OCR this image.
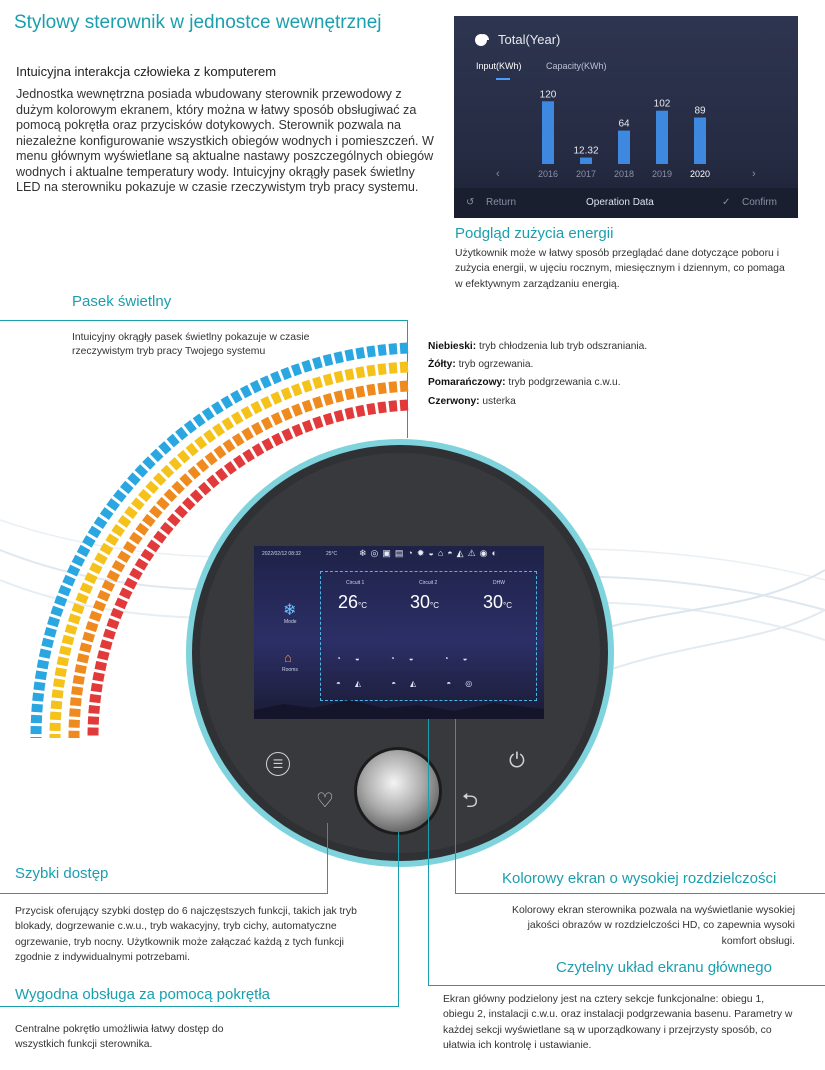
Stylowy sterownik w jednostce wewnętrznej
Intuicyjna interakcja człowieka z komputerem
Jednostka wewnętrzna posiada wbudowany sterownik przewodowy z dużym kolorowym ekranem, który można w łatwy sposób obsługiwać za pomocą pokrętła oraz przycisków dotykowych. Sterownik pozwala na niezależne konfigurowanie wszystkich obiegów wodnych i pomieszczeń. W menu głównym wyświetlane są aktualne nastawy poszczególnych obiegów wodnych i aktualne temperatury wody. Intuicyjny okrągły pasek świetlny LED na sterowniku pokazuje w czasie rzeczywistym tryb pracy systemu.
Total(Year)
Input(KWh)	Capacity(KWh)
‹	›
120
2016
12.32
2017
64
2018
102
2019
89
2020
↺ Return	Operation Data	✓ Confirm
Podgląd zużycia energii
Użytkownik może w łatwy sposób przeglądać dane dotyczące poboru i zużycia energii, w ujęciu rocznym, miesięcznym i dziennym, co pomaga w efektywnym zarządzaniu energią.
Pasek świetlny
Intuicyjny okrągły pasek świetlny pokazuje w czasie rzeczywistym tryb pracy Twojego systemu	Niebieski: tryb chłodzenia lub tryb odszraniania.
Żółty: tryb ogrzewania.
Pomarańczowy: tryb podgrzewania c.w.u.
Czerwony: usterka
2022/02/12 08:32	25°C ❄◎▣▤◔✹◒⌂◓◭⚠◉◐
❄
Mode
⌂
Rooms
Circuit 1
26°C
Circuit 2
30°C
DHW
30°C
◔◒ ◔◒ ◔◒
◓◭ ◓◭ ◓◎
☰
♡
⏻
⮌
Szybki dostęp
Przycisk oferujący szybki dostęp do 6 najczęstszych funkcji, takich jak tryb blokady, dogrzewanie c.w.u., tryb wakacyjny, tryb cichy, automatyczne ogrzewanie, tryb nocny. Użytkownik może załączać każdą z tych funkcji zgodnie z indywidualnymi potrzebami.
Wygodna obsługa za pomocą pokrętła
Centralne pokrętło umożliwia łatwy dostęp do wszystkich funkcji sterownika.
Kolorowy ekran o wysokiej rozdzielczości
Kolorowy ekran sterownika pozwala na wyświetlanie wysokiej jakości obrazów w rozdzielczości HD, co zapewnia wysoki komfort obsługi.
Czytelny układ ekranu głównego
Ekran główny podzielony jest na cztery sekcje funkcjonalne: obiegu 1, obiegu 2, instalacji c.w.u. oraz instalacji podgrzewania basenu. Parametry w każdej sekcji wyświetlane są w uporządkowany i przejrzysty sposób, co ułatwia ich kontrolę i ustawianie.
